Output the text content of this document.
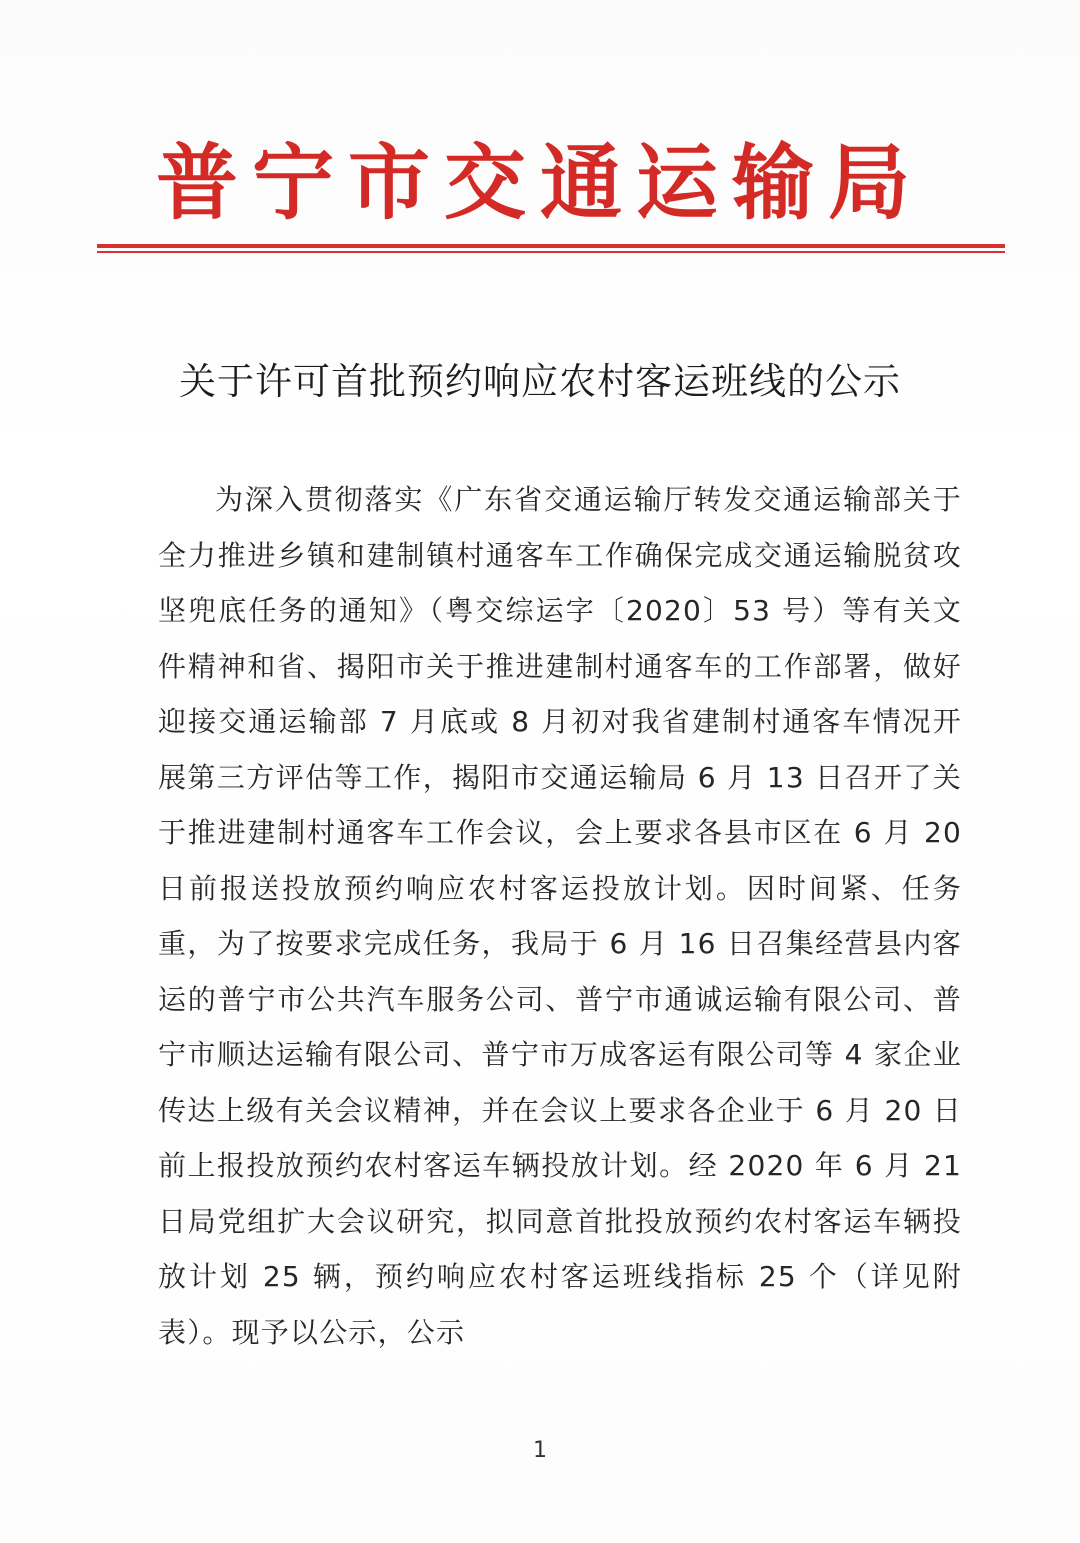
普宁市交通运输局
关于许可首批预约响应农村客运班线的公示

为深入贯彻落实《广东省交通运输厅转发交通运输部关于全力推进乡镇和建制镇村通客车工作确保完成交通运输脱贫攻坚兜底任务的通知》（粤交综运字〔2020〕53 号）等有关文件精神和省、揭阳市关于推进建制村通客车的工作部署，做好迎接交通运输部 7 月底或 8 月初对我省建制村通客车情况开展第三方评估等工作，揭阳市交通运输局 6 月 13 日召开了关于推进建制村通客车工作会议，会上要求各县市区在 6 月 20 日前报送投放预约响应农村客运投放计划。因时间紧、任务重，为了按要求完成任务，我局于 6 月 16 日召集经营县内客运的普宁市公共汽车服务公司、普宁市通诚运输有限公司、普宁市顺达运输有限公司、普宁市万成客运有限公司等 4 家企业传达上级有关会议精神，并在会议上要求各企业于 6 月 20 日前上报投放预约农村客运车辆投放计划。经 2020 年 6 月 21 日局党组扩大会议研究，拟同意首批投放预约农村客运车辆投放计划 25 辆，预约响应农村客运班线指标 25 个（详见附表）。现予以公示，公示

1
